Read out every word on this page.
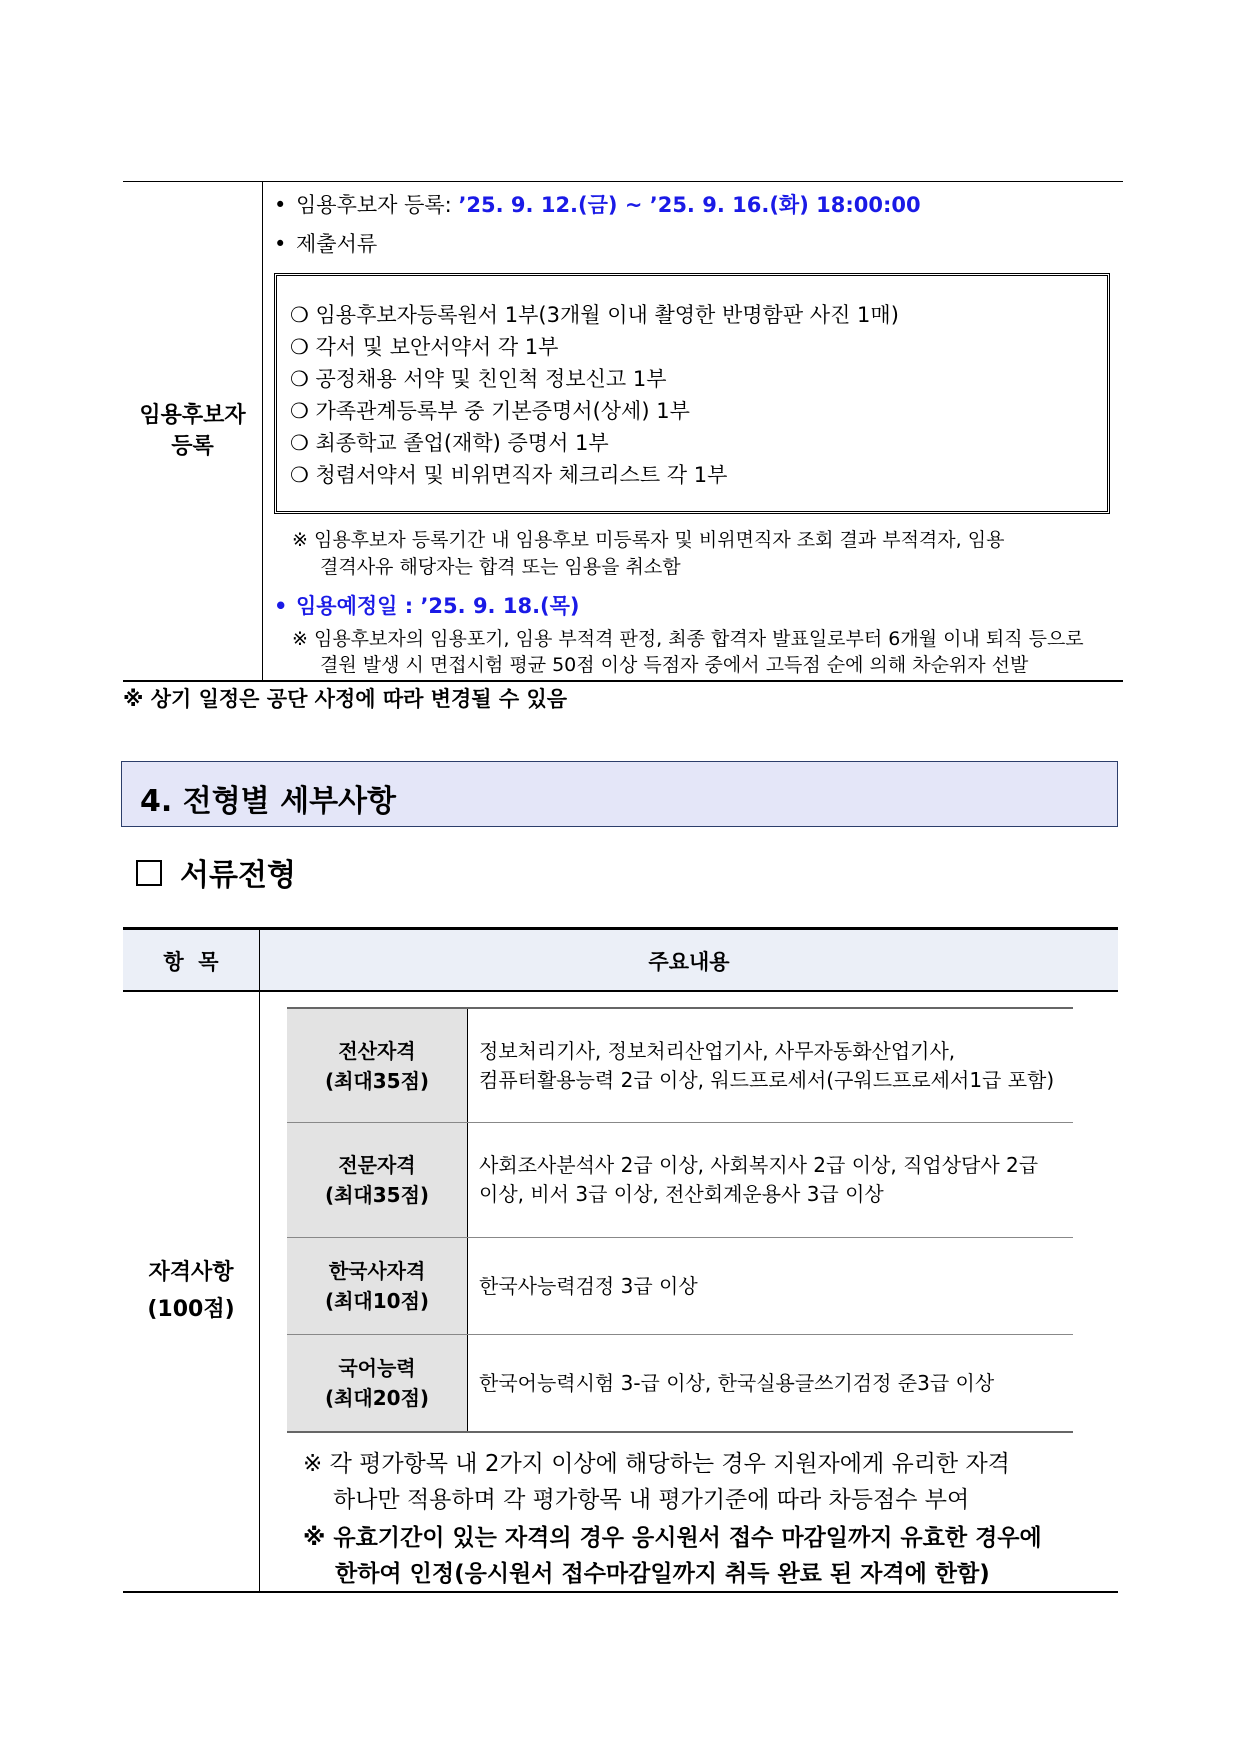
임용후보자
등록
• 임용후보자 등록: ’25. 9. 12.(금) ~ ’25. 9. 16.(화) 18:00:00
• 제출서류
❍ 임용후보자등록원서 1부(3개월 이내 촬영한 반명함판 사진 1매)
❍ 각서 및 보안서약서 각 1부
❍ 공정채용 서약 및 친인척 정보신고 1부
❍ 가족관계등록부 중 기본증명서(상세) 1부
❍ 최종학교 졸업(재학) 증명서 1부
❍ 청렴서약서 및 비위면직자 체크리스트 각 1부
※ 임용후보자 등록기간 내 임용후보 미등록자 및 비위면직자 조회 결과 부적격자, 임용
결격사유 해당자는 합격 또는 임용을 취소함
• 임용예정일 : ’25. 9. 18.(목)
※ 임용후보자의 임용포기, 임용 부적격 판정, 최종 합격자 발표일로부터 6개월 이내 퇴직 등으로
결원 발생 시 면접시험 평균 50점 이상 득점자 중에서 고득점 순에 의해 차순위자 선발
※ 상기 일정은 공단 사정에 따라 변경될 수 있음
4. 전형별 세부사항
서류전형
항  목	주요내용
자격사항
(100점)
전산자격
(최대35점)
정보처리기사, 정보처리산업기사, 사무자동화산업기사,
컴퓨터활용능력 2급 이상, 워드프로세서(구워드프로세서1급 포함)
전문자격
(최대35점)
사회조사분석사 2급 이상, 사회복지사 2급 이상, 직업상담사 2급
이상, 비서 3급 이상, 전산회계운용사 3급 이상
한국사자격
(최대10점)
한국사능력검정 3급 이상
국어능력
(최대20점)
한국어능력시험 3-급 이상, 한국실용글쓰기검정 준3급 이상
※ 각 평가항목 내 2가지 이상에 해당하는 경우 지원자에게 유리한 자격
하나만 적용하며 각 평가항목 내 평가기준에 따라 차등점수 부여
※ 유효기간이 있는 자격의 경우 응시원서 접수 마감일까지 유효한 경우에
한하여 인정(응시원서 접수마감일까지 취득 완료 된 자격에 한함)
